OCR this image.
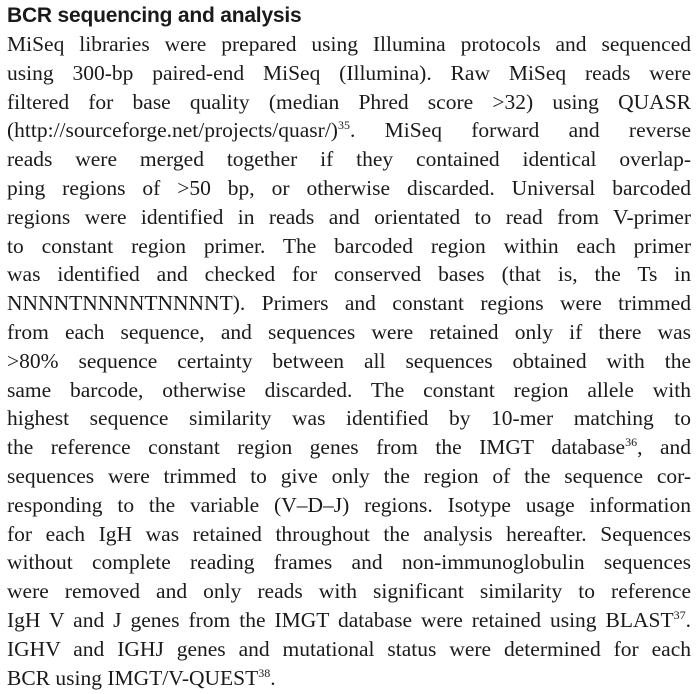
BCR sequencing and analysis
MiSeq libraries were prepared using Illumina protocols and sequenced
using 300-bp paired-end MiSeq (Illumina). Raw MiSeq reads were
filtered for base quality (median Phred score >32) using QUASR
(http://sourceforge.net/projects/quasr/)$^{35}$. MiSeq forward and reverse
reads were merged together if they contained identical overlap-
ping regions of >50 bp, or otherwise discarded. Universal barcoded
regions were identified in reads and orientated to read from V-primer
to constant region primer. The barcoded region within each primer
was identified and checked for conserved bases (that is, the Ts in
NNNNTNNNNTNNNNT). Primers and constant regions were trimmed
from each sequence, and sequences were retained only if there was
>80% sequence certainty between all sequences obtained with the
same barcode, otherwise discarded. The constant region allele with
highest sequence similarity was identified by 10-mer matching to
the reference constant region genes from the IMGT database$^{36}$, and
sequences were trimmed to give only the region of the sequence cor-
responding to the variable (V–D–J) regions. Isotype usage information
for each IgH was retained throughout the analysis hereafter. Sequences
without complete reading frames and non-immunoglobulin sequences
were removed and only reads with significant similarity to reference
IgH V and J genes from the IMGT database were retained using BLAST$^{37}$.
IGHV and IGHJ genes and mutational status were determined for each
BCR using IMGT/V-QUEST$^{38}$.
